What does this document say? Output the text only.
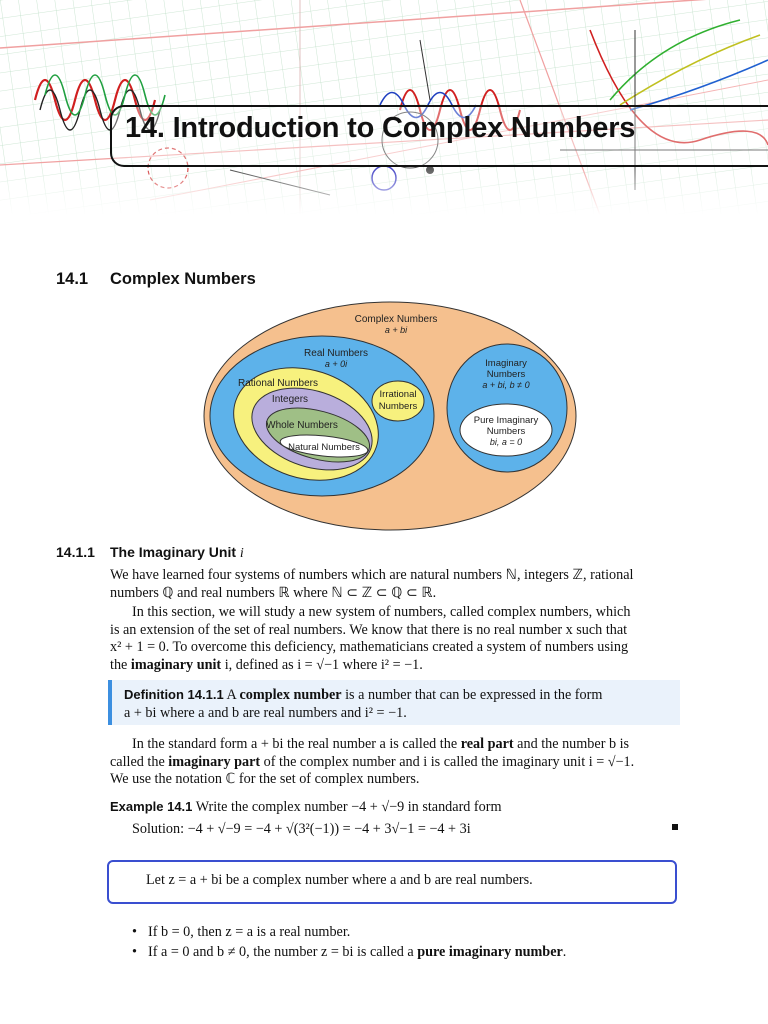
14. Introduction to Complex Numbers
14.1 Complex Numbers
Complex Numbers
a + bi
Real Numbers
a + 0i
Rational Numbers
Integers
Whole Numbers
Natural Numbers
Irrational
Numbers
Imaginary
Numbers
a + bi, b ≠ 0
Pure Imaginary
Numbers
bi, a = 0
14.1.1 The Imaginary Unit i
We have learned four systems of numbers which are natural numbers ℕ, integers ℤ, rational
numbers ℚ and real numbers ℝ where ℕ ⊂ ℤ ⊂ ℚ ⊂ ℝ.
In this section, we will study a new system of numbers, called complex numbers, which
is an extension of the set of real numbers. We know that there is no real number x such that
x² + 1 = 0. To overcome this deficiency, mathematicians created a system of numbers using
the imaginary unit i, defined as i = √−1 where i² = −1.
Definition 14.1.1 A complex number is a number that can be expressed in the form
a + bi where a and b are real numbers and i² = −1.
In the standard form a + bi the real number a is called the real part and the number b is
called the imaginary part of the complex number and i is called the imaginary unit i = √−1.
We use the notation ℂ for the set of complex numbers.
Example 14.1 Write the complex number −4 + √−9 in standard form
Solution: −4 + √−9 = −4 + √(3²(−1)) = −4 + 3√−1 = −4 + 3i
Let z = a + bi be a complex number where a and b are real numbers.
• If b = 0, then z = a is a real number.
• If a = 0 and b ≠ 0, the number z = bi is called a pure imaginary number.
